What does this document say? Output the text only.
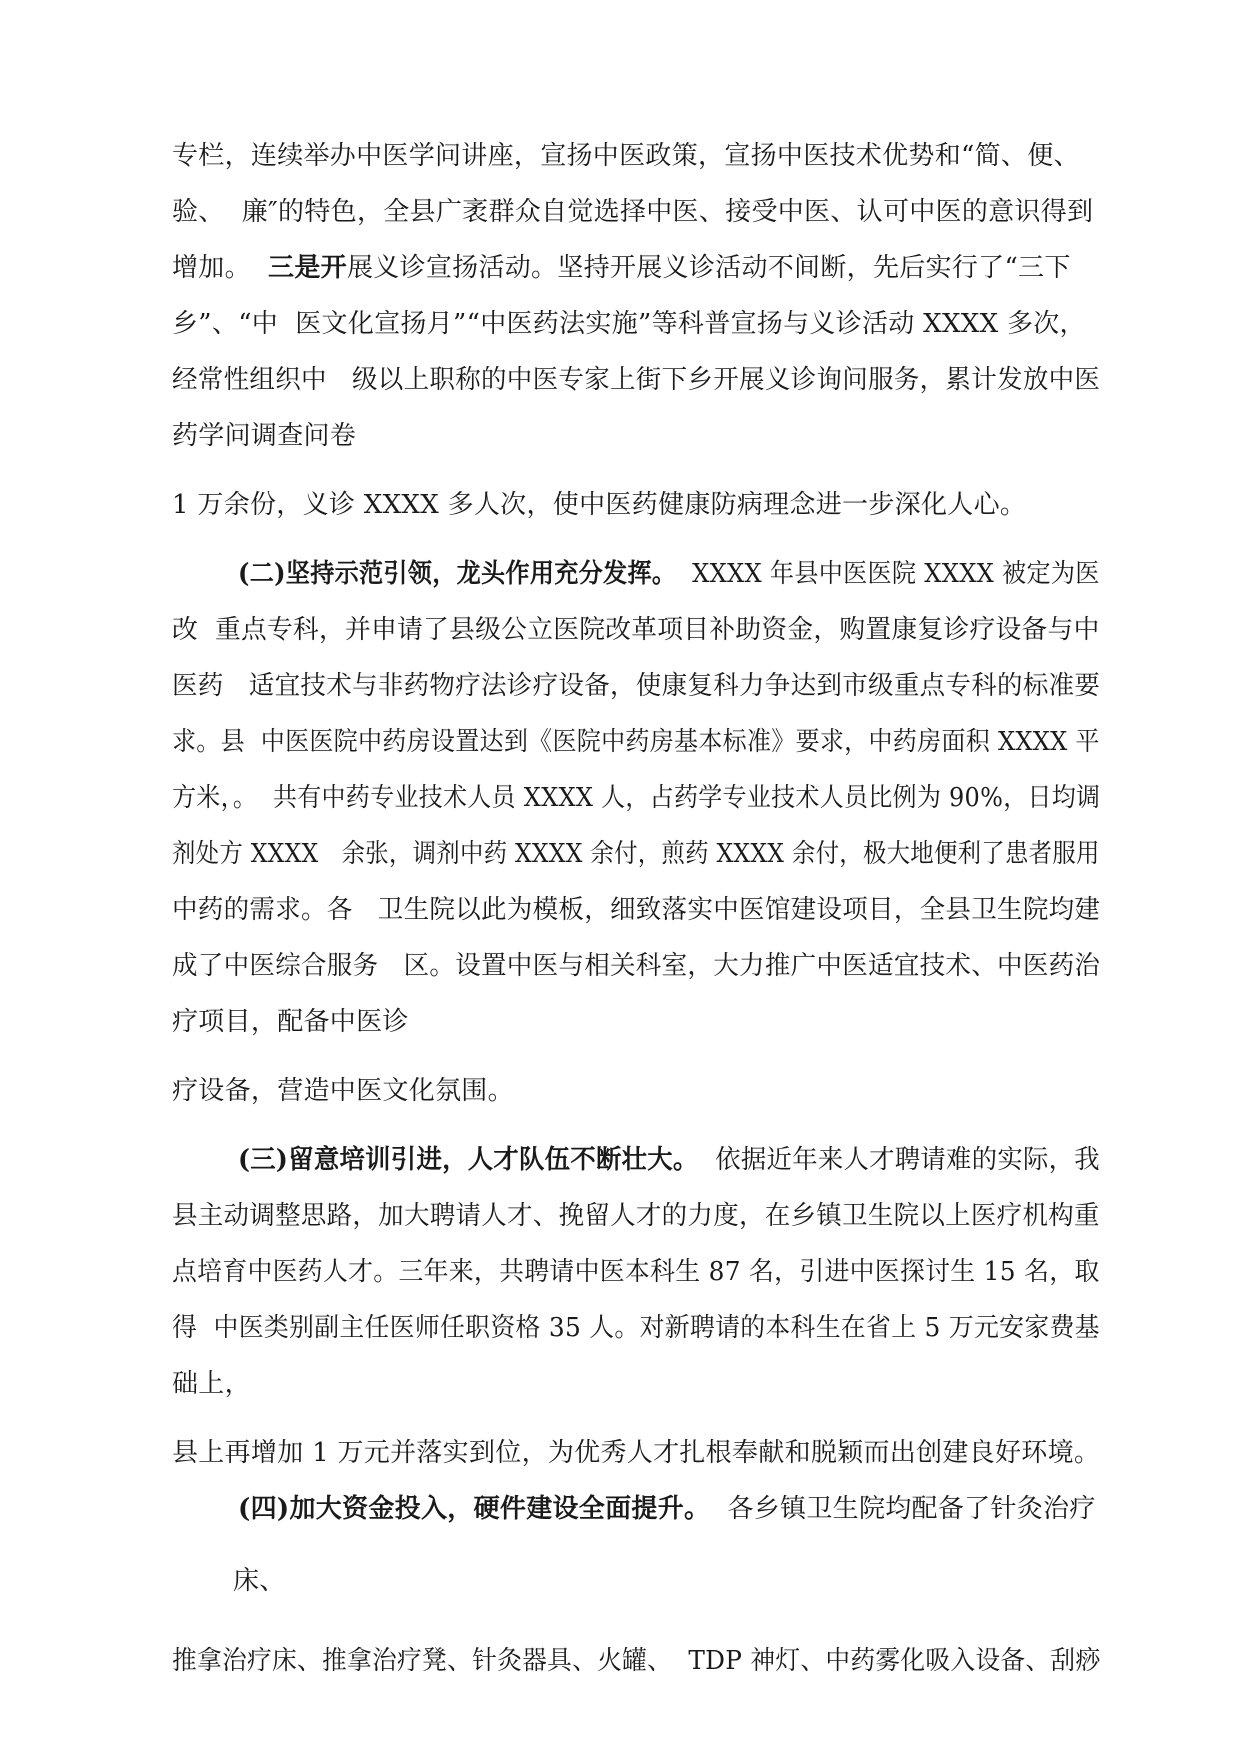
专栏，连续举办中医学问讲座，宣扬中医政策，宣扬中医技术优势和“简、便、
验、  廉″的特色，全县广袤群众自觉选择中医、接受中医、认可中医的意识得到
增加。  三是开展义诊宣扬活动。坚持开展义诊活动不间断，先后实行了“三下
乡”、“中  医文化宣扬月”“中医药法实施”等科普宣扬与义诊活动 XXXX 多次，
经常性组织中   级以上职称的中医专家上街下乡开展义诊询问服务，累计发放中医
药学问调查问卷
1 万余份，义诊 XXXX 多人次，使中医药健康防病理念进一步深化人心。
(二)坚持示范引领，龙头作用充分发挥。  XXXX 年县中医医院 XXXX 被定为医
改  重点专科，并申请了县级公立医院改革项目补助资金，购置康复诊疗设备与中
医药   适宜技术与非药物疗法诊疗设备，使康复科力争达到市级重点专科的标准要
求。县  中医医院中药房设置达到《医院中药房基本标准》要求，中药房面积 XXXX 平
方米，。  共有中药专业技术人员 XXXX 人，占药学专业技术人员比例为 90%，日均调
剂处方 XXXX   余张，调剂中药 XXXX 余付，煎药 XXXX 余付，极大地便利了患者服用
中药的需求。各   卫生院以此为模板，细致落实中医馆建设项目，全县卫生院均建
成了中医综合服务   区。设置中医与相关科室，大力推广中医适宜技术、中医药治
疗项目，配备中医诊
疗设备，营造中医文化氛围。
(三)留意培训引进，人才队伍不断壮大。  依据近年来人才聘请难的实际，我
县主动调整思路，加大聘请人才、挽留人才的力度，在乡镇卫生院以上医疗机构重
点培育中医药人才。三年来，共聘请中医本科生 87 名，引进中医探讨生 15 名，取
得  中医类别副主任医师任职资格 35 人。对新聘请的本科生在省上 5 万元安家费基
础上，
县上再增加 1 万元并落实到位，为优秀人才扎根奉献和脱颖而出创建良好环境。
(四)加大资金投入，硬件建设全面提升。  各乡镇卫生院均配备了针灸治疗
床、
推拿治疗床、推拿治疗凳、针灸器具、火罐、  TDP 神灯、中药雾化吸入设备、刮痧
